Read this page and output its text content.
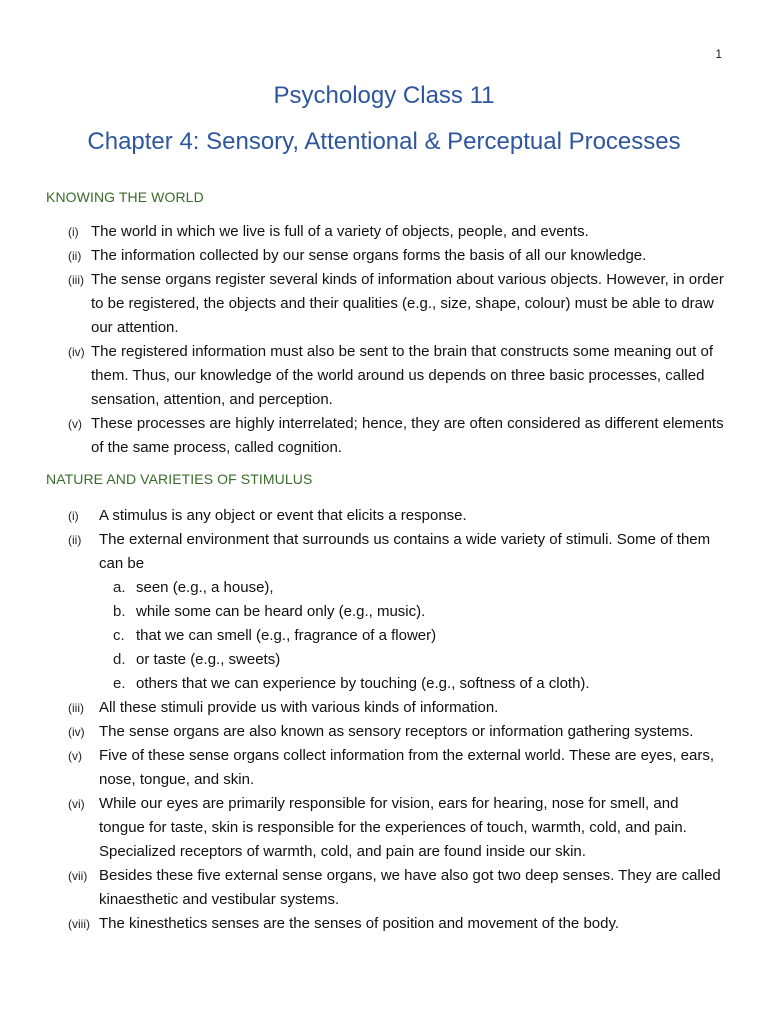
1
Psychology Class 11
Chapter 4: Sensory, Attentional & Perceptual Processes
KNOWING THE WORLD
(i) The world in which we live is full of a variety of objects, people, and events.
(ii) The information collected by our sense organs forms the basis of all our knowledge.
(iii) The sense organs register several kinds of information about various objects. However, in order to be registered, the objects and their qualities (e.g., size, shape, colour) must be able to draw our attention.
(iv) The registered information must also be sent to the brain that constructs some meaning out of them. Thus, our knowledge of the world around us depends on three basic processes, called sensation, attention, and perception.
(v) These processes are highly interrelated; hence, they are often considered as different elements of the same process, called cognition.
NATURE AND VARIETIES OF STIMULUS
(i)	A stimulus is any object or event that elicits a response.
(ii)	The external environment that surrounds us contains a wide variety of stimuli. Some of them can be
a. seen (e.g., a house),
b. while some can be heard only (e.g., music).
c. that we can smell (e.g., fragrance of a flower)
d. or taste (e.g., sweets)
e. others that we can experience by touching (e.g., softness of a cloth).
(iii)	All these stimuli provide us with various kinds of information.
(iv) The sense organs are also known as sensory receptors or information gathering systems.
(v)	Five of these sense organs collect information from the external world. These are eyes, ears, nose, tongue, and skin.
(vi) While our eyes are primarily responsible for vision, ears for hearing, nose for smell, and tongue for taste, skin is responsible for the experiences of touch, warmth, cold, and pain. Specialized receptors of warmth, cold, and pain are found inside our skin.
(vii) Besides these five external sense organs, we have also got two deep senses. They are called kinaesthetic and vestibular systems.
(viii) The kinesthetics senses are the senses of position and movement of the body.
